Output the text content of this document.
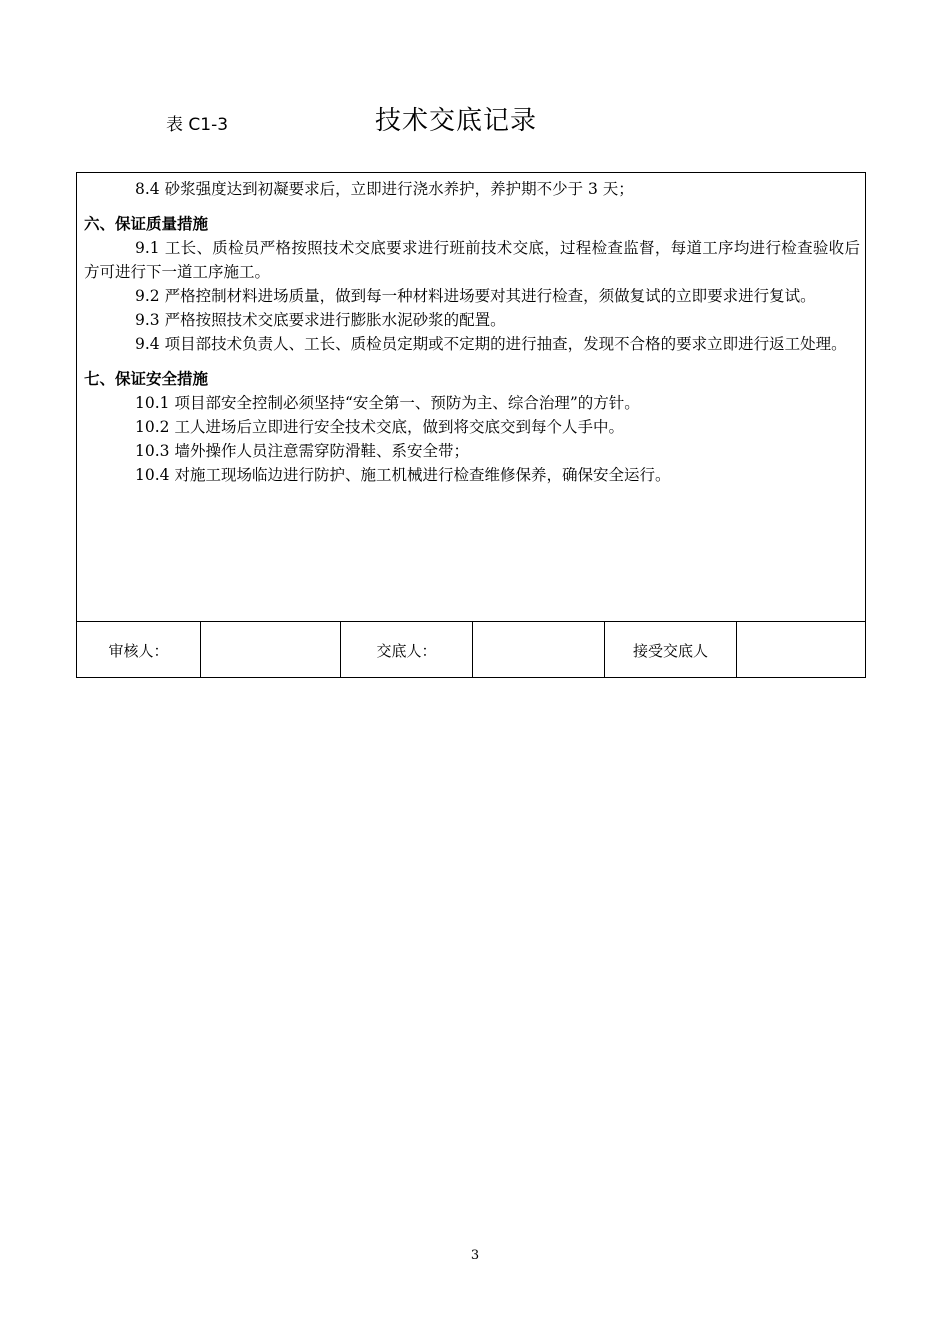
表 C1-3	技术交底记录

8.4 砂浆强度达到初凝要求后，立即进行浇水养护，养护期不少于 3 天；

六、保证质量措施

9.1 工长、质检员严格按照技术交底要求进行班前技术交底，过程检查监督，每道工序均进行检查验收后方可进行下一道工序施工。

9.2 严格控制材料进场质量，做到每一种材料进场要对其进行检查，须做复试的立即要求进行复试。

9.3 严格按照技术交底要求进行膨胀水泥砂浆的配置。

9.4 项目部技术负责人、工长、质检员定期或不定期的进行抽查，发现不合格的要求立即进行返工处理。

七、保证安全措施

10.1 项目部安全控制必须坚持“安全第一、预防为主、综合治理”的方针。

10.2 工人进场后立即进行安全技术交底，做到将交底交到每个人手中。

10.3 墙外操作人员注意需穿防滑鞋、系安全带；

10.4 对施工现场临边进行防护、施工机械进行检查维修保养，确保安全运行。

审核人：	交底人：	接受交底人
3
